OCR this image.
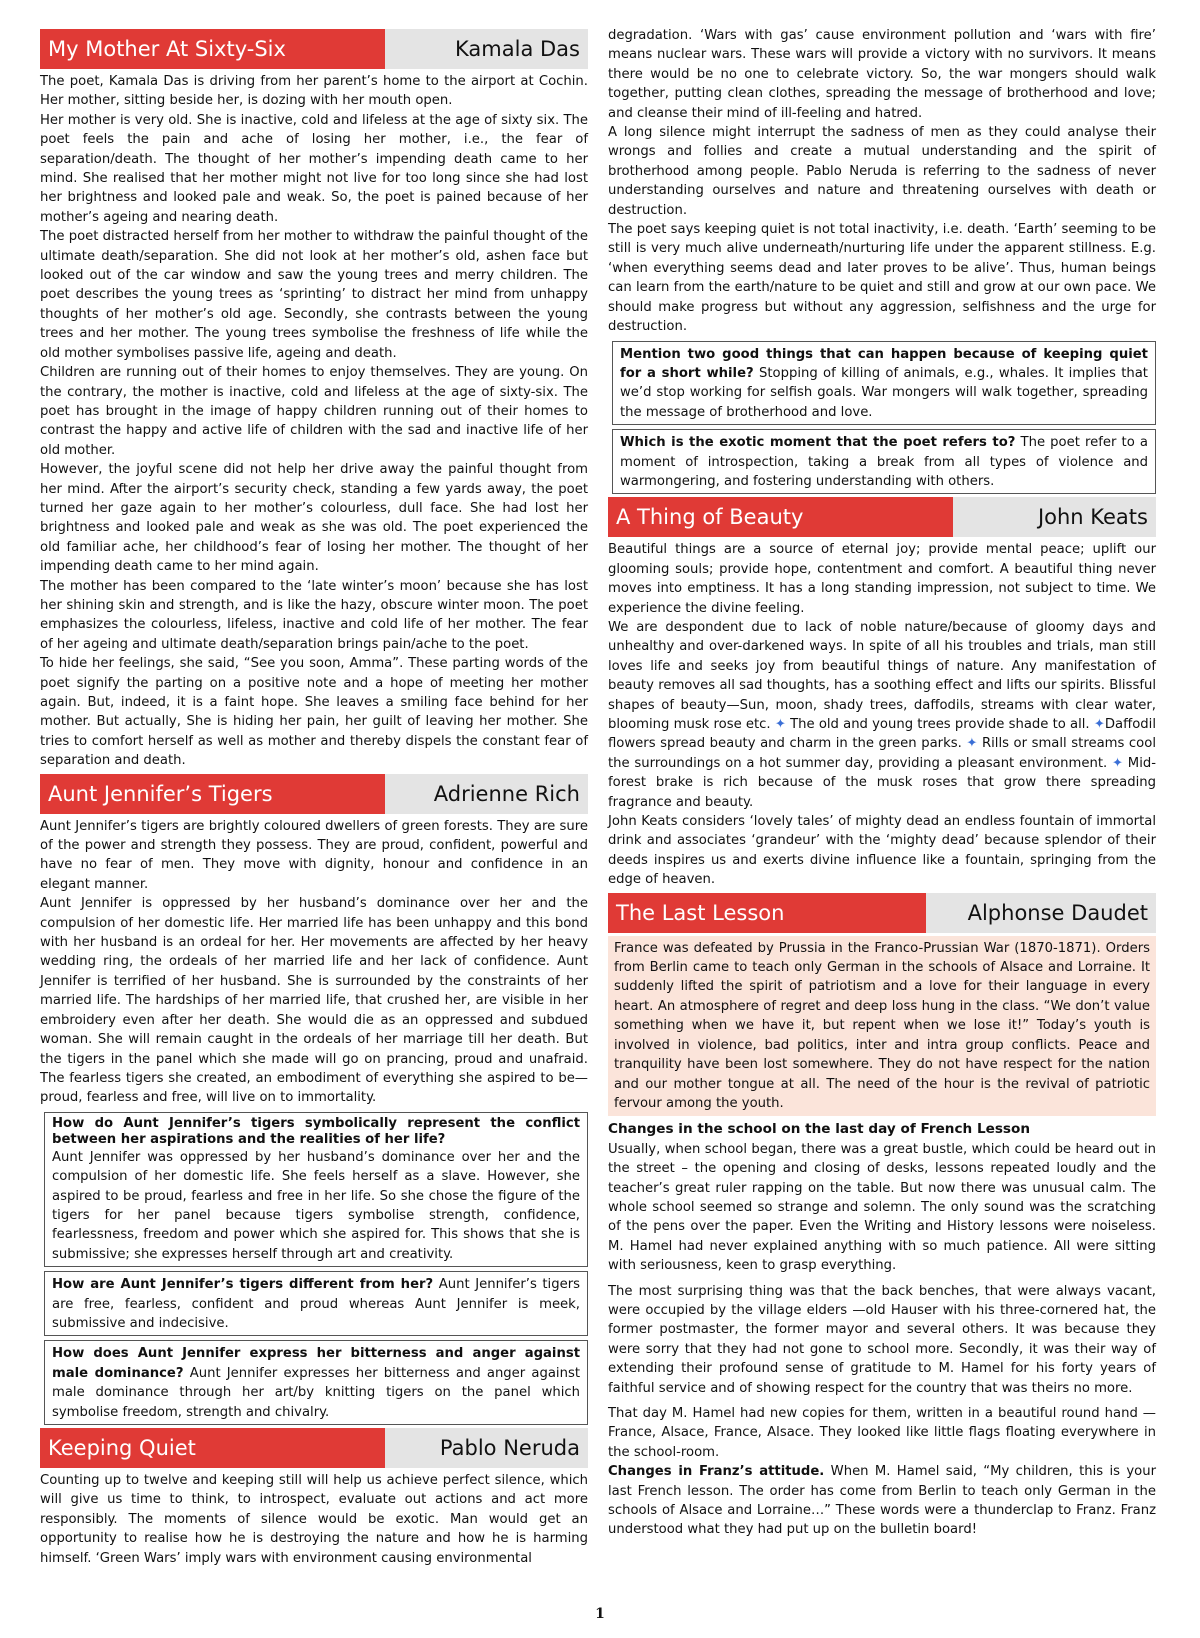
My Mother At Sixty-Six	Kamala Das

The poet, Kamala Das is driving from her parent’s home to the airport at Cochin. Her mother, sitting beside her, is dozing with her mouth open.

Her mother is very old. She is inactive, cold and lifeless at the age of sixty six. The poet feels the pain and ache of losing her mother, i.e., the fear of separation/death. The thought of her mother’s impending death came to her mind. She realised that her mother might not live for too long since she had lost her brightness and looked pale and weak. So, the poet is pained because of her mother’s ageing and nearing death.

The poet distracted herself from her mother to withdraw the painful thought of the ultimate death/separation. She did not look at her mother’s old, ashen face but looked out of the car window and saw the young trees and merry children. The poet describes the young trees as ‘sprinting’ to distract her mind from unhappy thoughts of her mother’s old age. Secondly, she contrasts between the young trees and her mother. The young trees symbolise the freshness of life while the old mother symbolises passive life, ageing and death.

Children are running out of their homes to enjoy themselves. They are young. On the contrary, the mother is inactive, cold and lifeless at the age of sixty-six. The poet has brought in the image of happy children running out of their homes to contrast the happy and active life of children with the sad and inactive life of her old mother.

However, the joyful scene did not help her drive away the painful thought from her mind. After the airport’s security check, standing a few yards away, the poet turned her gaze again to her mother’s colourless, dull face. She had lost her brightness and looked pale and weak as she was old. The poet experienced the old familiar ache, her childhood’s fear of losing her mother. The thought of her impending death came to her mind again.

The mother has been compared to the ‘late winter’s moon’ because she has lost her shining skin and strength, and is like the hazy, obscure winter moon. The poet emphasizes the colourless, lifeless, inactive and cold life of her mother. The fear of her ageing and ultimate death/separation brings pain/ache to the poet.

To hide her feelings, she said, “See you soon, Amma”. These parting words of the poet signify the parting on a positive note and a hope of meeting her mother again. But, indeed, it is a faint hope. She leaves a smiling face behind for her mother. But actually, She is hiding her pain, her guilt of leaving her mother. She tries to comfort herself as well as mother and thereby dispels the constant fear of separation and death.

Aunt Jennifer’s Tigers	Adrienne Rich

Aunt Jennifer’s tigers are brightly coloured dwellers of green forests. They are sure of the power and strength they possess. They are proud, confident, powerful and have no fear of men. They move with dignity, honour and confidence in an elegant manner.

Aunt Jennifer is oppressed by her husband’s dominance over her and the compulsion of her domestic life. Her married life has been unhappy and this bond with her husband is an ordeal for her. Her movements are affected by her heavy wedding ring, the ordeals of her married life and her lack of confidence. Aunt Jennifer is terrified of her husband. She is surrounded by the constraints of her married life. The hardships of her married life, that crushed her, are visible in her embroidery even after her death. She would die as an oppressed and subdued woman. She will remain caught in the ordeals of her marriage till her death. But the tigers in the panel which she made will go on prancing, proud and unafraid. The fearless tigers she created, an embodiment of everything she aspired to be—proud, fearless and free, will live on to immortality.

How do Aunt Jennifer’s tigers symbolically represent the conflict between her aspirations and the realities of her life?

Aunt Jennifer was oppressed by her husband’s dominance over her and the compulsion of her domestic life. She feels herself as a slave. However, she aspired to be proud, fearless and free in her life. So she chose the figure of the tigers for her panel because tigers symbolise strength, confidence, fearlessness, freedom and power which she aspired for. This shows that she is submissive; she expresses herself through art and creativity.

How are Aunt Jennifer’s tigers different from her? Aunt Jennifer’s tigers are free, fearless, confident and proud whereas Aunt Jennifer is meek, submissive and indecisive.

How does Aunt Jennifer express her bitterness and anger against male dominance? Aunt Jennifer expresses her bitterness and anger against male dominance through her art/by knitting tigers on the panel which symbolise freedom, strength and chivalry.

Keeping Quiet	Pablo Neruda

Counting up to twelve and keeping still will help us achieve perfect silence, which will give us time to think, to introspect, evaluate out actions and act more responsibly. The moments of silence would be exotic. Man would get an opportunity to realise how he is destroying the nature and how he is harming himself. ‘Green Wars’ imply wars with environment causing environmental

degradation. ‘Wars with gas’ cause environment pollution and ‘wars with fire’ means nuclear wars. These wars will provide a victory with no survivors. It means there would be no one to celebrate victory. So, the war mongers should walk together, putting clean clothes, spreading the message of brotherhood and love; and cleanse their mind of ill-feeling and hatred.

A long silence might interrupt the sadness of men as they could analyse their wrongs and follies and create a mutual understanding and the spirit of brotherhood among people. Pablo Neruda is referring to the sadness of never understanding ourselves and nature and threatening ourselves with death or destruction.

The poet says keeping quiet is not total inactivity, i.e. death. ‘Earth’ seeming to be still is very much alive underneath/nurturing life under the apparent stillness. E.g. ‘when everything seems dead and later proves to be alive’. Thus, human beings can learn from the earth/nature to be quiet and still and grow at our own pace. We should make progress but without any aggression, selfishness and the urge for destruction.

Mention two good things that can happen because of keeping quiet for a short while? Stopping of killing of animals, e.g., whales. It implies that we’d stop working for selfish goals. War mongers will walk together, spreading the message of brotherhood and love.

Which is the exotic moment that the poet refers to? The poet refer to a moment of introspection, taking a break from all types of violence and warmongering, and fostering understanding with others.

A Thing of Beauty	John Keats

Beautiful things are a source of eternal joy; provide mental peace; uplift our glooming souls; provide hope, contentment and comfort. A beautiful thing never moves into emptiness. It has a long standing impression, not subject to time. We experience the divine feeling.

We are despondent due to lack of noble nature/because of gloomy days and unhealthy and over-darkened ways. In spite of all his troubles and trials, man still loves life and seeks joy from beautiful things of nature. Any manifestation of beauty removes all sad thoughts, has a soothing effect and lifts our spirits. Blissful shapes of beauty—Sun, moon, shady trees, daffodils, streams with clear water, blooming musk rose etc. ✦ The old and young trees provide shade to all. ✦Daffodil flowers spread beauty and charm in the green parks. ✦ Rills or small streams cool the surroundings on a hot summer day, providing a pleasant environment. ✦ Mid-forest brake is rich because of the musk roses that grow there spreading fragrance and beauty.

John Keats considers ‘lovely tales’ of mighty dead an endless fountain of immortal drink and associates ‘grandeur’ with the ‘mighty dead’ because splendor of their deeds inspires us and exerts divine influence like a fountain, springing from the edge of heaven.

The Last Lesson	Alphonse Daudet

France was defeated by Prussia in the Franco-Prussian War (1870-1871). Orders from Berlin came to teach only German in the schools of Alsace and Lorraine. It suddenly lifted the spirit of patriotism and a love for their language in every heart. An atmosphere of regret and deep loss hung in the class. “We don’t value something when we have it, but repent when we lose it!” Today’s youth is involved in violence, bad politics, inter and intra group conflicts. Peace and tranquility have been lost somewhere. They do not have respect for the nation and our mother tongue at all. The need of the hour is the revival of patriotic fervour among the youth.

Changes in the school on the last day of French Lesson

Usually, when school began, there was a great bustle, which could be heard out in the street – the opening and closing of desks, lessons repeated loudly and the teacher’s great ruler rapping on the table. But now there was unusual calm. The whole school seemed so strange and solemn. The only sound was the scratching of the pens over the paper. Even the Writing and History lessons were noiseless. M. Hamel had never explained anything with so much patience. All were sitting with seriousness, keen to grasp everything.

The most surprising thing was that the back benches, that were always vacant, were occupied by the village elders —old Hauser with his three-cornered hat, the former postmaster, the former mayor and several others. It was because they were sorry that they had not gone to school more. Secondly, it was their way of extending their profound sense of gratitude to M. Hamel for his forty years of faithful service and of showing respect for the country that was theirs no more.

That day M. Hamel had new copies for them, written in a beautiful round hand — France, Alsace, France, Alsace. They looked like little flags floating everywhere in the school-room.

Changes in Franz’s attitude. When M. Hamel said, “My children, this is your last French lesson. The order has come from Berlin to teach only German in the schools of Alsace and Lorraine…” These words were a thunderclap to Franz. Franz understood what they had put up on the bulletin board!

1
